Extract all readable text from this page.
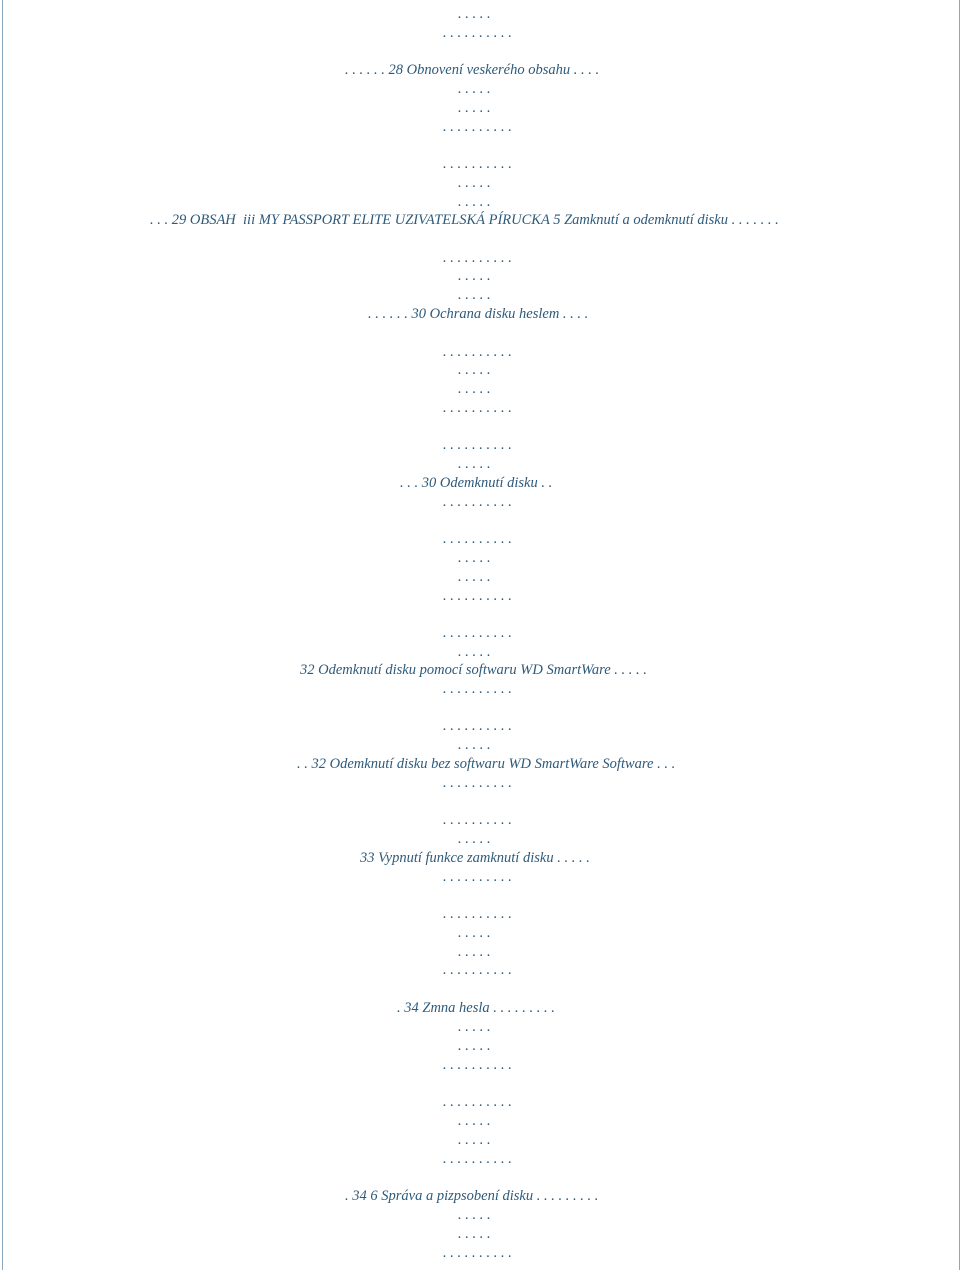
. . . . .
. . . . . . . . . .
. . . . . . 28 Obnovení veskerého obsahu . . . .
. . . . .
. . . . .
. . . . . . . . . .
. . . . . . . . . .
. . . . .
. . . . .
. . . 29 OBSAH  iii MY PASSPORT ELITE UZIVATELSKÁ PÍRUCKA 5 Zamknutí a odemknutí disku . . . . . . .
. . . . . . . . . .
. . . . .
. . . . .
. . . . . . 30 Ochrana disku heslem . . . .
. . . . . . . . . .
. . . . .
. . . . .
. . . . . . . . . .
. . . . . . . . . .
. . . . .
. . . 30 Odemknutí disku . .
. . . . . . . . . .
. . . . . . . . . .
. . . . .
. . . . .
. . . . . . . . . .
. . . . . . . . . .
. . . . .
32 Odemknutí disku pomocí softwaru WD SmartWare . . . . .
. . . . . . . . . .
. . . . . . . . . .
. . . . .
. . 32 Odemknutí disku bez softwaru WD SmartWare Software . . .
. . . . . . . . . .
. . . . . . . . . .
. . . . .
33 Vypnutí funkce zamknutí disku . . . . .
. . . . . . . . . .
. . . . . . . . . .
. . . . .
. . . . .
. . . . . . . . . .
. 34 Zmna hesla . . . . . . . . .
. . . . .
. . . . .
. . . . . . . . . .
. . . . . . . . . .
. . . . .
. . . . .
. . . . . . . . . .
. 34 6 Správa a pizpsobení disku . . . . . . . . .
. . . . .
. . . . .
. . . . . . . . . .
